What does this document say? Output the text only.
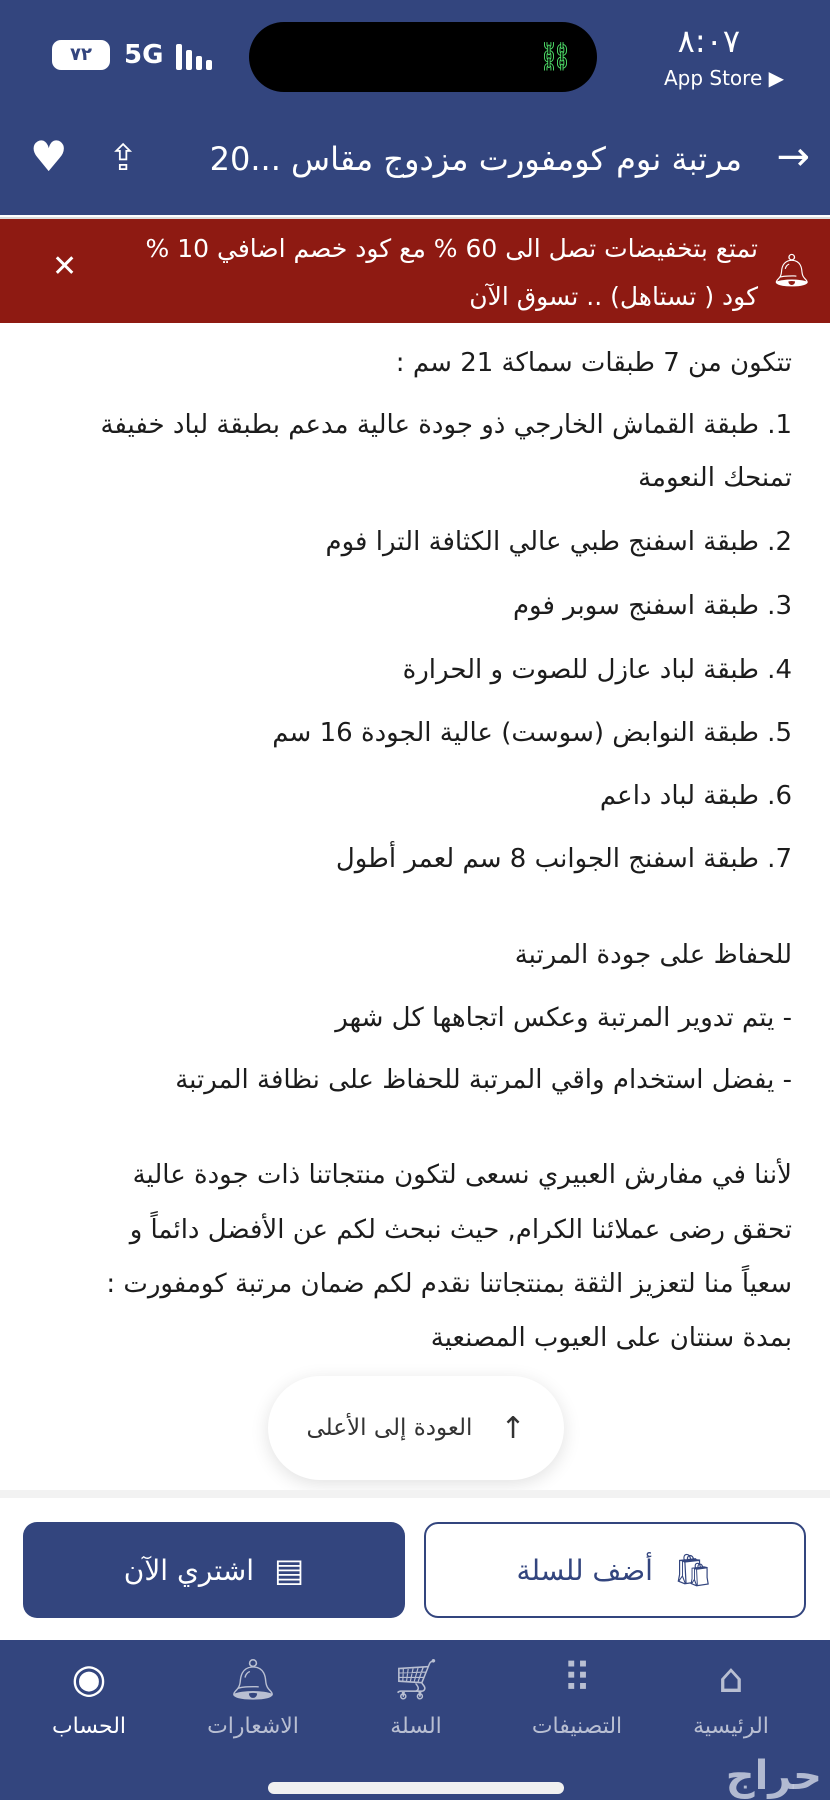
٧٢	5G	⛓	٨:٠٧
App Store ▶
→
مرتبة نوم كومفورت مزدوج مقاس ...20
⇪
♥
🔔︎
تمتع بتخفيضات تصل الى 60 % مع كود خصم اضافي 10 % كود ( تستاهل) .. تسوق الآن
✕
تتكون من 7 طبقات سماكة 21 سم :
1. طبقة القماش الخارجي ذو جودة عالية مدعم بطبقة لباد خفيفة
تمنحك النعومة
2. طبقة اسفنج طبي عالي الكثافة الترا فوم
3. طبقة اسفنج سوبر فوم
4. طبقة لباد عازل للصوت و الحرارة
5. طبقة النوابض (سوست) عالية الجودة 16 سم
6. طبقة لباد داعم
7. طبقة اسفنج الجوانب 8 سم لعمر أطول
للحفاظ على جودة المرتبة
- يتم تدوير المرتبة وعكس اتجاهها كل شهر
- يفضل استخدام واقي المرتبة للحفاظ على نظافة المرتبة
لأننا في مفارش العبيري نسعى لتكون منتجاتنا ذات جودة عالية
تحقق رضى عملائنا الكرام, حيث نبحث لكم عن الأفضل دائماً و
سعياً منا لتعزيز الثقة بمنتجاتنا نقدم لكم ضمان مرتبة كومفورت :
بمدة سنتان على العيوب المصنعية
↑
العودة إلى الأعلى
🛍︎
أضف للسلة
▤
اشتري الآن
⌂
الرئيسية
⠿
التصنيفات
🛒︎
السلة
🔔︎
الاشعارات
◉
الحساب
حراج
